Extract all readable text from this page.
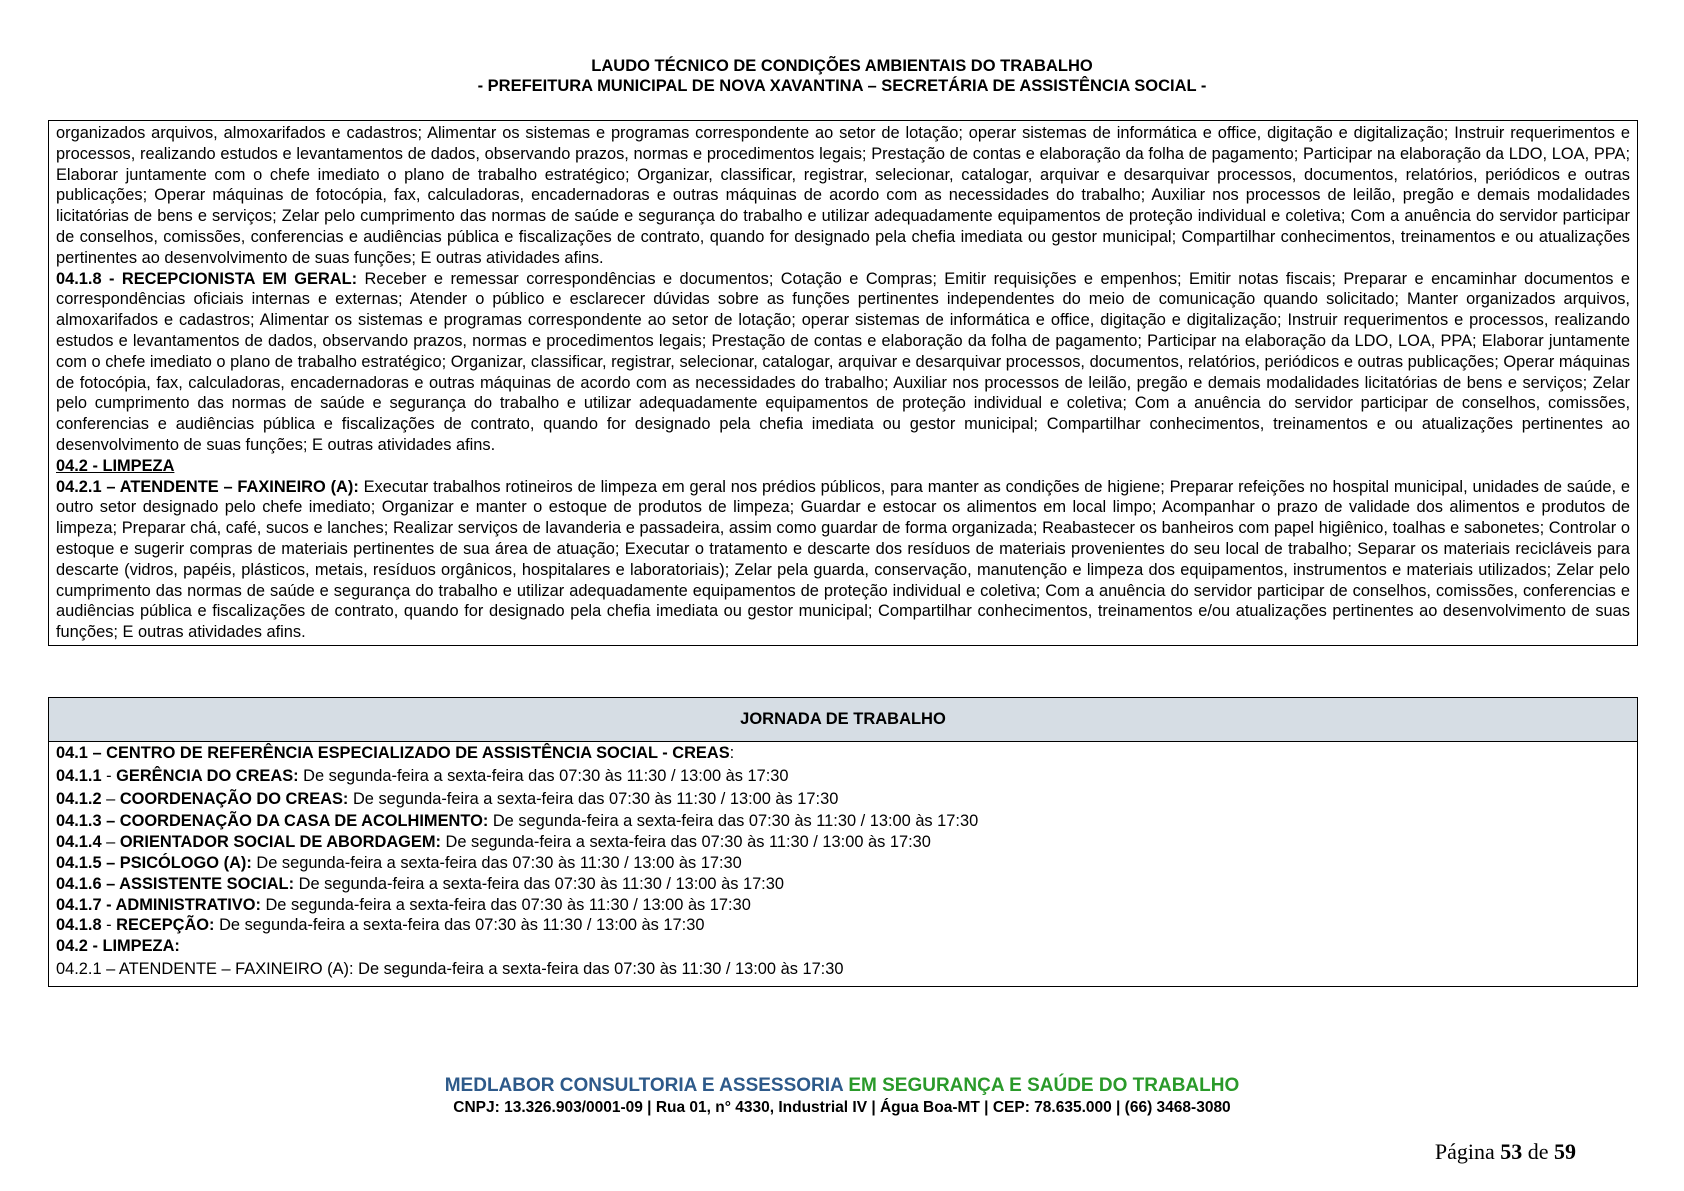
LAUDO TÉCNICO DE CONDIÇÕES AMBIENTAIS DO TRABALHO
- PREFEITURA MUNICIPAL DE NOVA XAVANTINA – SECRETÁRIA DE ASSISTÊNCIA SOCIAL -

organizados arquivos, almoxarifados e cadastros; Alimentar os sistemas e programas correspondente ao setor de lotação; operar sistemas de informática e office, digitação e digitalização; Instruir requerimentos e processos, realizando estudos e levantamentos de dados, observando prazos, normas e procedimentos legais; Prestação de contas e elaboração da folha de pagamento; Participar na elaboração da LDO, LOA, PPA; Elaborar juntamente com o chefe imediato o plano de trabalho estratégico; Organizar, classificar, registrar, selecionar, catalogar, arquivar e desarquivar processos, documentos, relatórios, periódicos e outras publicações; Operar máquinas de fotocópia, fax, calculadoras, encadernadoras e outras máquinas de acordo com as necessidades do trabalho; Auxiliar nos processos de leilão, pregão e demais modalidades licitatórias de bens e serviços; Zelar pelo cumprimento das normas de saúde e segurança do trabalho e utilizar adequadamente equipamentos de proteção individual e coletiva; Com a anuência do servidor participar de conselhos, comissões, conferencias e audiências pública e fiscalizações de contrato, quando for designado pela chefia imediata ou gestor municipal; Compartilhar conhecimentos, treinamentos e ou atualizações pertinentes ao desenvolvimento de suas funções; E outras atividades afins.

04.1.8 - RECEPCIONISTA EM GERAL: Receber e remessar correspondências e documentos; Cotação e Compras; Emitir requisições e empenhos; Emitir notas fiscais; Preparar e encaminhar documentos e correspondências oficiais internas e externas; Atender o público e esclarecer dúvidas sobre as funções pertinentes independentes do meio de comunicação quando solicitado; Manter organizados arquivos, almoxarifados e cadastros; Alimentar os sistemas e programas correspondente ao setor de lotação; operar sistemas de informática e office, digitação e digitalização; Instruir requerimentos e processos, realizando estudos e levantamentos de dados, observando prazos, normas e procedimentos legais; Prestação de contas e elaboração da folha de pagamento; Participar na elaboração da LDO, LOA, PPA; Elaborar juntamente com o chefe imediato o plano de trabalho estratégico; Organizar, classificar, registrar, selecionar, catalogar, arquivar e desarquivar processos, documentos, relatórios, periódicos e outras publicações; Operar máquinas de fotocópia, fax, calculadoras, encadernadoras e outras máquinas de acordo com as necessidades do trabalho; Auxiliar nos processos de leilão, pregão e demais modalidades licitatórias de bens e serviços; Zelar pelo cumprimento das normas de saúde e segurança do trabalho e utilizar adequadamente equipamentos de proteção individual e coletiva; Com a anuência do servidor participar de conselhos, comissões, conferencias e audiências pública e fiscalizações de contrato, quando for designado pela chefia imediata ou gestor municipal; Compartilhar conhecimentos, treinamentos e ou atualizações pertinentes ao desenvolvimento de suas funções; E outras atividades afins.

04.2 - LIMPEZA

04.2.1 – ATENDENTE – FAXINEIRO (A): Executar trabalhos rotineiros de limpeza em geral nos prédios públicos, para manter as condições de higiene; Preparar refeições no hospital municipal, unidades de saúde, e outro setor designado pelo chefe imediato; Organizar e manter o estoque de produtos de limpeza; Guardar e estocar os alimentos em local limpo; Acompanhar o prazo de validade dos alimentos e produtos de limpeza; Preparar chá, café, sucos e lanches; Realizar serviços de lavanderia e passadeira, assim como guardar de forma organizada; Reabastecer os banheiros com papel higiênico, toalhas e sabonetes; Controlar o estoque e sugerir compras de materiais pertinentes de sua área de atuação; Executar o tratamento e descarte dos resíduos de materiais provenientes do seu local de trabalho; Separar os materiais recicláveis para descarte (vidros, papéis, plásticos, metais, resíduos orgânicos, hospitalares e laboratoriais); Zelar pela guarda, conservação, manutenção e limpeza dos equipamentos, instrumentos e materiais utilizados; Zelar pelo cumprimento das normas de saúde e segurança do trabalho e utilizar adequadamente equipamentos de proteção individual e coletiva; Com a anuência do servidor participar de conselhos, comissões, conferencias e audiências pública e fiscalizações de contrato, quando for designado pela chefia imediata ou gestor municipal; Compartilhar conhecimentos, treinamentos e/ou atualizações pertinentes ao desenvolvimento de suas funções; E outras atividades afins.

JORNADA DE TRABALHO
04.1 – CENTRO DE REFERÊNCIA ESPECIALIZADO DE ASSISTÊNCIA SOCIAL - CREAS:
04.1.1 - GERÊNCIA DO CREAS: De segunda-feira a sexta-feira das 07:30 às 11:30 / 13:00 às 17:30
04.1.2 – COORDENAÇÃO DO CREAS: De segunda-feira a sexta-feira das 07:30 às 11:30 / 13:00 às 17:30
04.1.3 – COORDENAÇÃO DA CASA DE ACOLHIMENTO: De segunda-feira a sexta-feira das 07:30 às 11:30 / 13:00 às 17:30
04.1.4 – ORIENTADOR SOCIAL DE ABORDAGEM: De segunda-feira a sexta-feira das 07:30 às 11:30 / 13:00 às 17:30
04.1.5 – PSICÓLOGO (A): De segunda-feira a sexta-feira das 07:30 às 11:30 / 13:00 às 17:30
04.1.6 – ASSISTENTE SOCIAL: De segunda-feira a sexta-feira das 07:30 às 11:30 / 13:00 às 17:30
04.1.7 - ADMINISTRATIVO: De segunda-feira a sexta-feira das 07:30 às 11:30 / 13:00 às 17:30
04.1.8 - RECEPÇÃO: De segunda-feira a sexta-feira das 07:30 às 11:30 / 13:00 às 17:30
04.2 - LIMPEZA:
04.2.1 – ATENDENTE – FAXINEIRO (A): De segunda-feira a sexta-feira das 07:30 às 11:30 / 13:00 às 17:30
MEDLABOR CONSULTORIA E ASSESSORIA EM SEGURANÇA E SAÚDE DO TRABALHO
CNPJ: 13.326.903/0001-09 | Rua 01, n° 4330, Industrial IV | Água Boa-MT | CEP: 78.635.000 | (66) 3468-3080
Página 53 de 59
